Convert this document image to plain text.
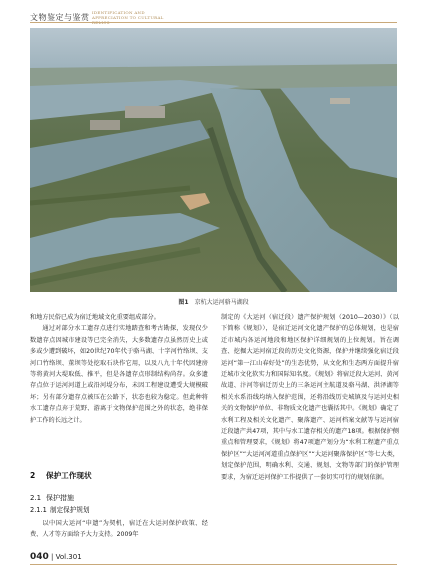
文物鉴定与鉴赏
IDENTIFICATION AND APPRECIATION TO CULTURAL
图1 京杭大运河骆马湖段

和地方民俗已成为宿迁地域文化重要组成部分。

通过对部分水工遗存点进行实地踏查和考古勘探，发现仅少数遗存点因城市建设等已完全消失，大多数遗存点虽然历史上或多或少遭到破坏，如20世纪70年代于骆马湖、十字河竹络坝、支河口竹络坝、董坝等处挖取石块作它用，以及八九十年代因建房等将黄河大堤取低、推平，但是各遗存点形制结构尚存。众多遗存点位于运河河道上或沿河堤分布，未因工程建设遭受大规模破坏；另有部分遗存点被压在公路下，状态也较为稳定。但此种将水工遗存点弃于荒野、游离于文物保护范围之外的状态，绝非保护工作的长远之计。

2 保护工作现状
2.1 保护措施
2.1.1 制定保护规划

以中国大运河“申遗”为契机，宿迁在大运河保护政策、经费、人才等方面给予大力支持。2009年

制定的《大运河（宿迁段）遗产保护规划（2010—2030）》（以下简称《规划》），是宿迁运河文化遗产保护的总体规划，也是宿迁市城内各运河地段和地区保护详细规划的上位规划。旨在调查、挖掘大运河宿迁段的历史文化资源，保护并继续强化宿迁段运河“第一江山春好处”的生态优势，从文化和生态两方面提升宿迁城市文化软实力和国际知名度。《规划》将宿迁段大运河、黄河故道、汴河等宿迁历史上的三条运河主航道及骆马湖、洪泽湖等相关水系沿线均纳入保护范围，还将沿线历史城镇及与运河史相关的文物保护单位、非物质文化遗产也囊括其中。《规划》确定了水利工程及相关文化遗产、聚落遗产、运河档案文献等与运河宿迁段遗产共47项，其中与水工遗存相关的遗产18项。根据保护侧重点和管理要求，《规划》将47项遗产划分为“水利工程遗产重点保护区”“大运河河道重点保护区”“大运河聚落保护区”等七大类，划定保护范围，明确水利、交通、规划、文物等部门的保护管理要求，为宿迁运河保护工作提供了一套切实可行的规划依据。

040 | Vol.301
